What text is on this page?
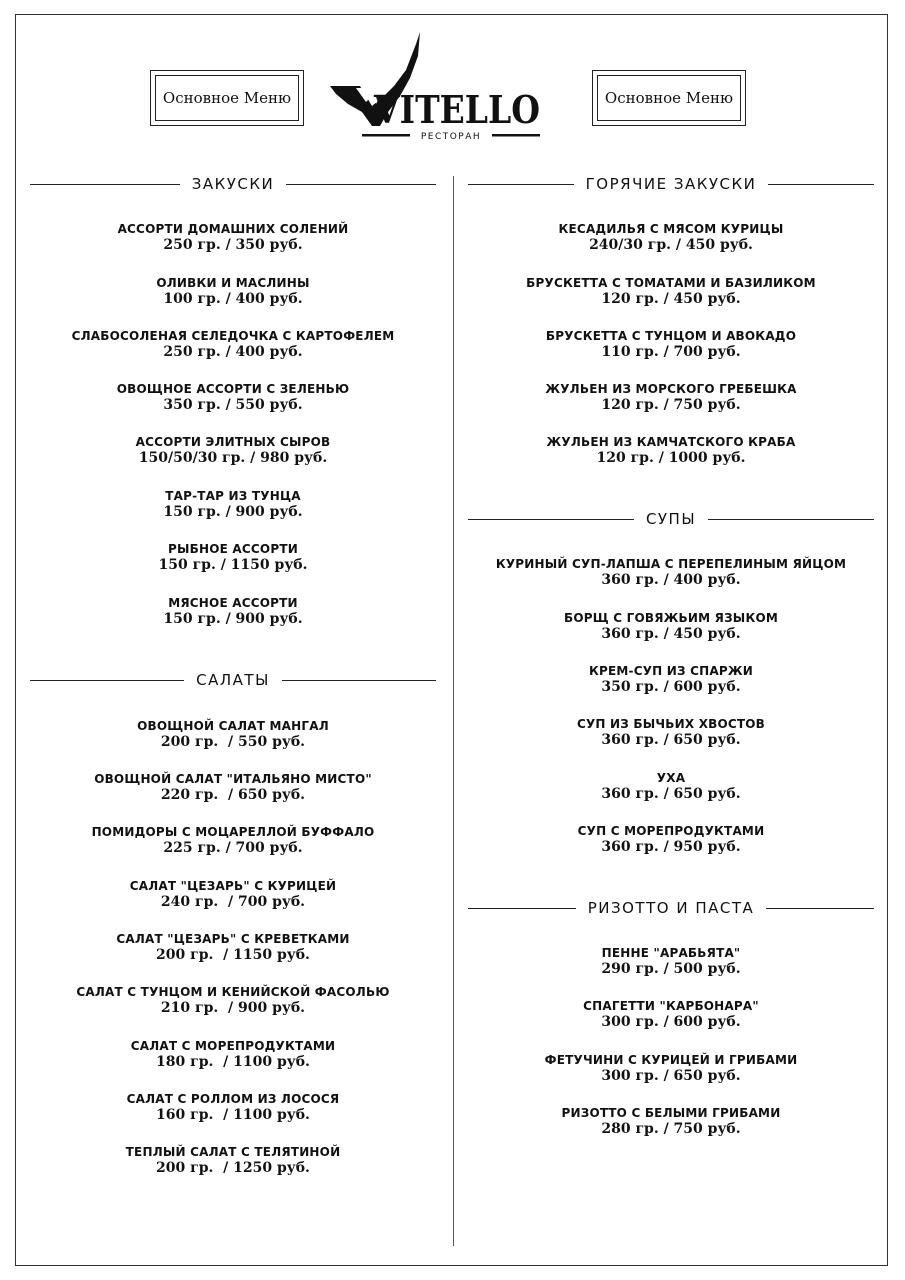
Основное Меню	Основное Меню
VITELLO
РЕСТОРАН
ЗАКУСКИ
АССОРТИ ДОМАШНИХ СОЛЕНИЙ
250 гр. / 350 руб.
ОЛИВКИ И МАСЛИНЫ
100 гр. / 400 руб.
СЛАБОСОЛЕНАЯ СЕЛЕДОЧКА С КАРТОФЕЛЕМ
250 гр. / 400 руб.
ОВОЩНОЕ АССОРТИ С ЗЕЛЕНЬЮ
350 гр. / 550 руб.
АССОРТИ ЭЛИТНЫХ СЫРОВ
150/50/30 гр. / 980 руб.
ТАР-ТАР ИЗ ТУНЦА
150 гр. / 900 руб.
РЫБНОЕ АССОРТИ
150 гр. / 1150 руб.
МЯСНОЕ АССОРТИ
150 гр. / 900 руб.
САЛАТЫ
ОВОЩНОЙ САЛАТ МАНГАЛ
200 гр.  / 550 руб.
ОВОЩНОЙ САЛАТ "ИТАЛЬЯНО МИСТО"
220 гр.  / 650 руб.
ПОМИДОРЫ С МОЦАРЕЛЛОЙ БУФФАЛО
225 гр. / 700 руб.
САЛАТ "ЦЕЗАРЬ" С КУРИЦЕЙ
240 гр.  / 700 руб.
САЛАТ "ЦЕЗАРЬ" С КРЕВЕТКАМИ
200 гр.  / 1150 руб.
САЛАТ С ТУНЦОМ И КЕНИЙСКОЙ ФАСОЛЬЮ
210 гр.  / 900 руб.
САЛАТ С МОРЕПРОДУКТАМИ
180 гр.  / 1100 руб.
САЛАТ С РОЛЛОМ ИЗ ЛОСОСЯ
160 гр.  / 1100 руб.
ТЕПЛЫЙ САЛАТ С ТЕЛЯТИНОЙ
200 гр.  / 1250 руб.
ГОРЯЧИЕ ЗАКУСКИ
КЕСАДИЛЬЯ С МЯСОМ КУРИЦЫ
240/30 гр. / 450 руб.
БРУСКЕТТА С ТОМАТАМИ И БАЗИЛИКОМ
120 гр. / 450 руб.
БРУСКЕТТА С ТУНЦОМ И АВОКАДО
110 гр. / 700 руб.
ЖУЛЬЕН ИЗ МОРСКОГО ГРЕБЕШКА
120 гр. / 750 руб.
ЖУЛЬЕН ИЗ КАМЧАТСКОГО КРАБА
120 гр. / 1000 руб.
СУПЫ
КУРИНЫЙ СУП-ЛАПША С ПЕРЕПЕЛИНЫМ ЯЙЦОМ
360 гр. / 400 руб.
БОРЩ С ГОВЯЖЬИМ ЯЗЫКОМ
360 гр. / 450 руб.
КРЕМ-СУП ИЗ СПАРЖИ
350 гр. / 600 руб.
СУП ИЗ БЫЧЬИХ ХВОСТОВ
360 гр. / 650 руб.
УХА
360 гр. / 650 руб.
СУП С МОРЕПРОДУКТАМИ
360 гр. / 950 руб.
РИЗОТТО И ПАСТА
ПЕННЕ "АРАБЬЯТА"
290 гр. / 500 руб.
СПАГЕТТИ "КАРБОНАРА"
300 гр. / 600 руб.
ФЕТУЧИНИ С КУРИЦЕЙ И ГРИБАМИ
300 гр. / 650 руб.
РИЗОТТО С БЕЛЫМИ ГРИБАМИ
280 гр. / 750 руб.
